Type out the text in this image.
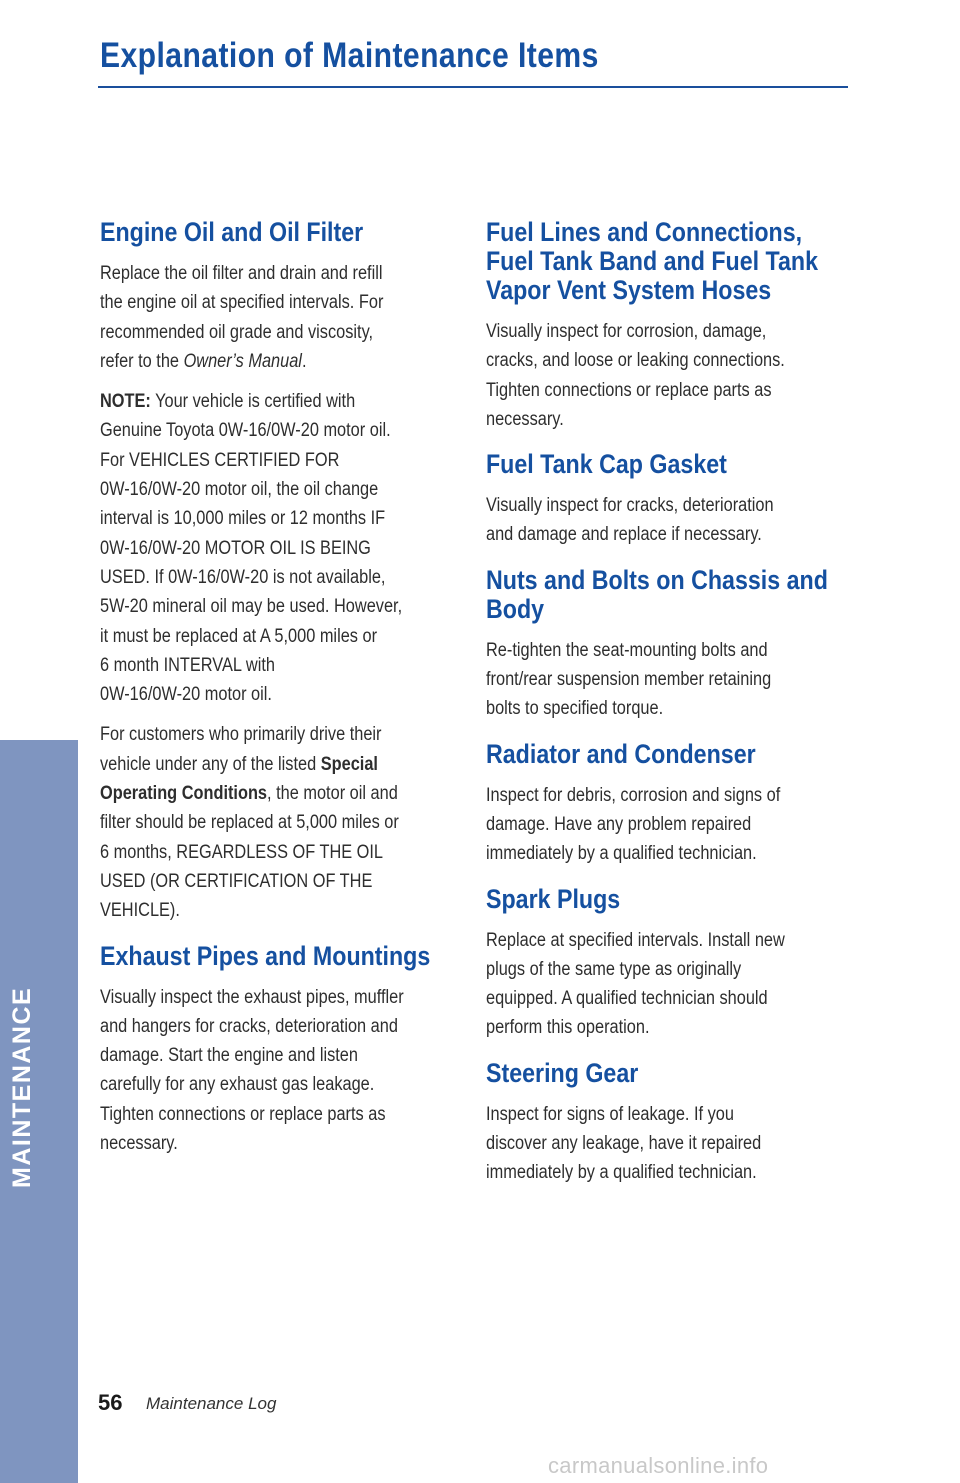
Explanation of Maintenance Items
MAINTENANCE
Engine Oil and Oil Filter
Replace the oil filter and drain and refill
the engine oil at specified intervals. For
recommended oil grade and viscosity,
refer to the Owner’s Manual.
NOTE: Your vehicle is certified with
Genuine Toyota 0W-16/0W-20 motor oil.
For VEHICLES CERTIFIED FOR
0W-16/0W-20 motor oil, the oil change
interval is 10,000 miles or 12 months IF
0W-16/0W-20 MOTOR OIL IS BEING
USED. If 0W-16/0W-20 is not available,
5W-20 mineral oil may be used. However,
it must be replaced at A 5,000 miles or
6 month INTERVAL with
0W-16/0W-20 motor oil.
For customers who primarily drive their
vehicle under any of the listed Special
Operating Conditions, the motor oil and
filter should be replaced at 5,000 miles or
6 months, REGARDLESS OF THE OIL
USED (OR CERTIFICATION OF THE
VEHICLE).
Exhaust Pipes and Mountings
Visually inspect the exhaust pipes, muffler
and hangers for cracks, deterioration and
damage. Start the engine and listen
carefully for any exhaust gas leakage.
Tighten connections or replace parts as
necessary.
Fuel Lines and Connections,
Fuel Tank Band and Fuel Tank
Vapor Vent System Hoses
Visually inspect for corrosion, damage,
cracks, and loose or leaking connections.
Tighten connections or replace parts as
necessary.
Fuel Tank Cap Gasket
Visually inspect for cracks, deterioration
and damage and replace if necessary.
Nuts and Bolts on Chassis and
Body
Re-tighten the seat-mounting bolts and
front/rear suspension member retaining
bolts to specified torque.
Radiator and Condenser
Inspect for debris, corrosion and signs of
damage. Have any problem repaired
immediately by a qualified technician.
Spark Plugs
Replace at specified intervals. Install new
plugs of the same type as originally
equipped. A qualified technician should
perform this operation.
Steering Gear
Inspect for signs of leakage. If you
discover any leakage, have it repaired
immediately by a qualified technician.
56 Maintenance Log
carmanualsonline.info
